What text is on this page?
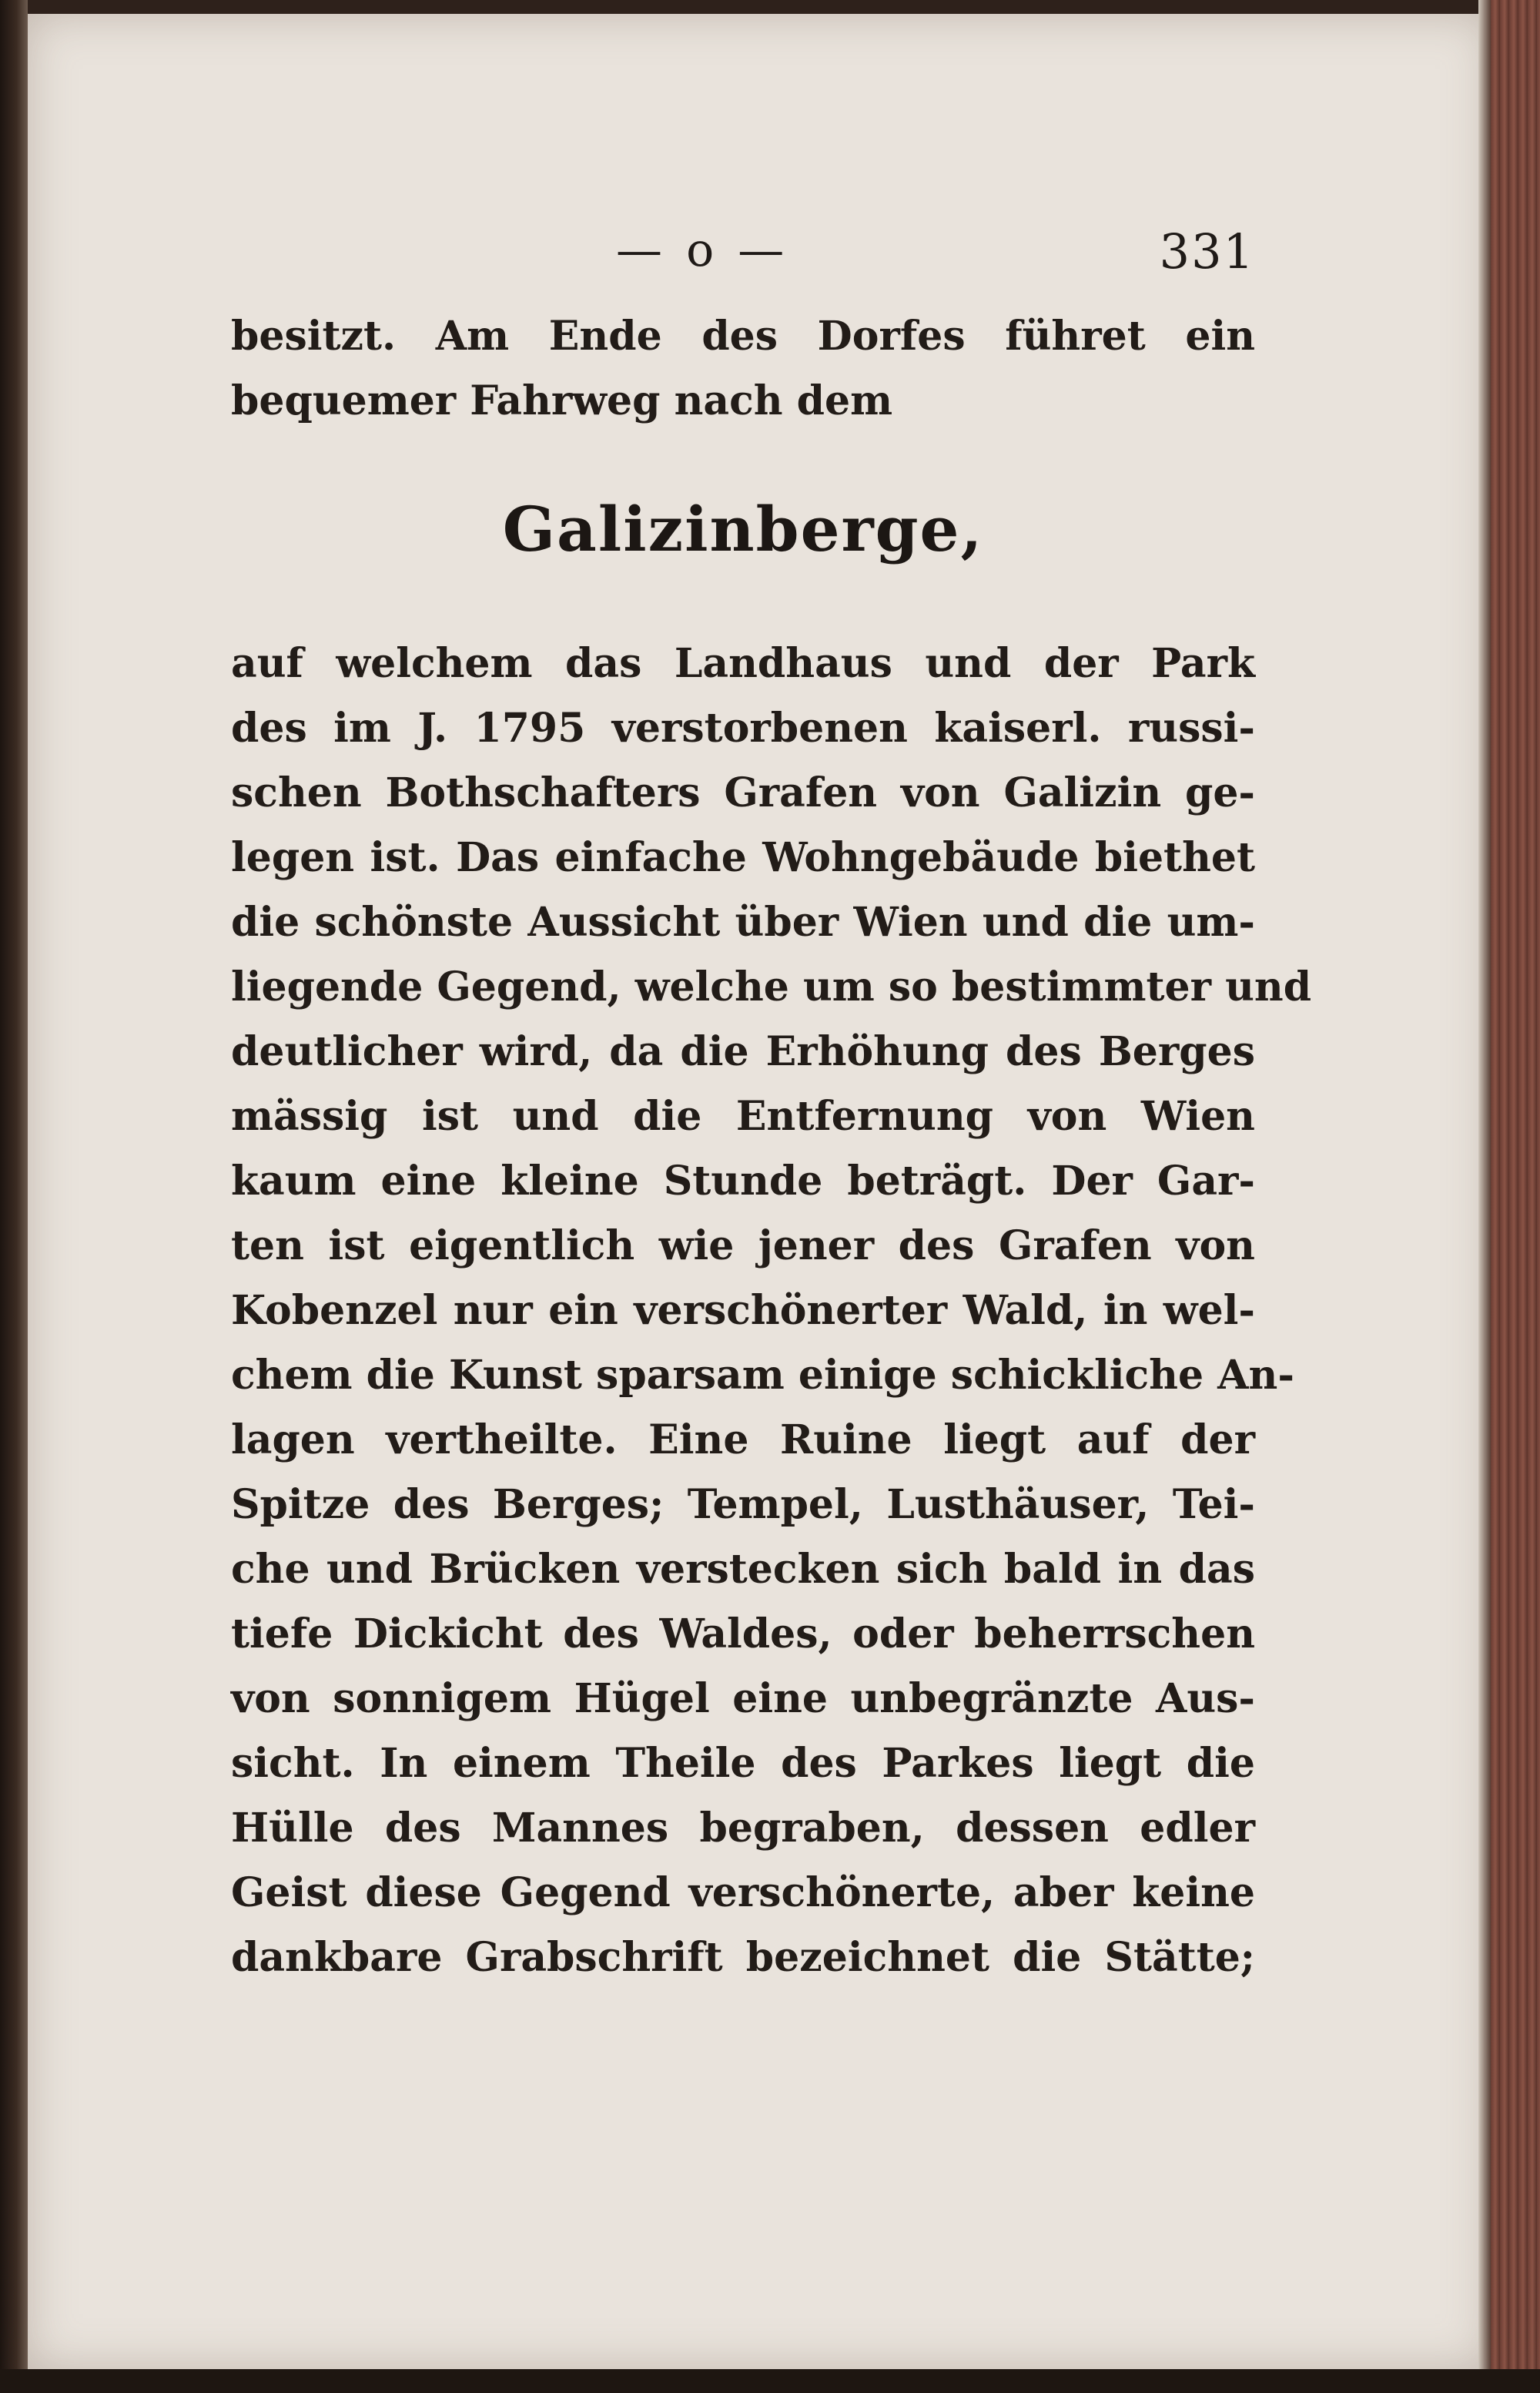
— o —	331
besitzt. Am Ende des Dorfes führet ein
bequemer Fahrweg nach dem
Galizinberge,
auf welchem das Landhaus und der Park
des im J. 1795 verstorbenen kaiserl. russi-
schen Bothschafters Grafen von Galizin ge-
legen ist. Das einfache Wohngebäude biethet
die schönste Aussicht über Wien und die um-
liegende Gegend, welche um so bestimmter und
deutlicher wird, da die Erhöhung des Berges
mässig ist und die Entfernung von Wien
kaum eine kleine Stunde beträgt. Der Gar-
ten ist eigentlich wie jener des Grafen von
Kobenzel nur ein verschönerter Wald, in wel-
chem die Kunst sparsam einige schickliche An-
lagen vertheilte. Eine Ruine liegt auf der
Spitze des Berges; Tempel, Lusthäuser, Tei-
che und Brücken verstecken sich bald in das
tiefe Dickicht des Waldes, oder beherrschen
von sonnigem Hügel eine unbegränzte Aus-
sicht. In einem Theile des Parkes liegt die
Hülle des Mannes begraben, dessen edler
Geist diese Gegend verschönerte, aber keine
dankbare Grabschrift bezeichnet die Stätte;
